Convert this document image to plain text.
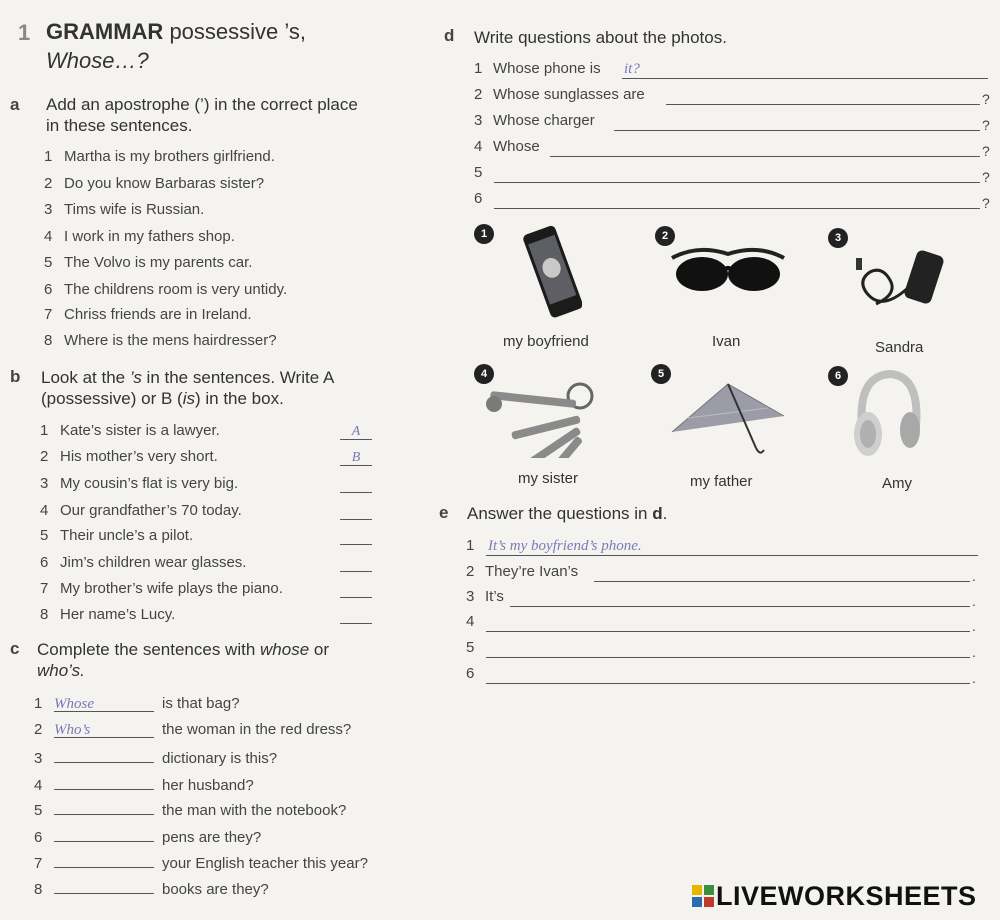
1 GRAMMAR possessive ’s,
Whose…?
a Add an apostrophe (’) in the correct place
in these sentences.
1 Martha is my brothers girlfriend.
2 Do you know Barbaras sister?
3 Tims wife is Russian.
4 I work in my fathers shop.
5 The Volvo is my parents car.
6 The childrens room is very untidy.
7 Chriss friends are in Ireland.
8 Where is the mens hairdresser?
b Look at the ’s in the sentences. Write A
(possessive) or B (is) in the box.
1 Kate’s sister is a lawyer.	A
2 His mother’s very short.	B
3 My cousin’s flat is very big.
4 Our grandfather’s 70 today.
5 Their uncle’s a pilot.
6 Jim’s children wear glasses.
7 My brother’s wife plays the piano.
8 Her name’s Lucy.
c Complete the sentences with whose or
who’s.
1 Whose	is that bag?
2 Who’s	the woman in the red dress?
3	dictionary is this?
4	her husband?
5	the man with the notebook?
6	pens are they?
7	your English teacher this year?
8	books are they?
d Write questions about the photos.
1 Whose phone is it?
2 Whose sunglasses are	?
3 Whose charger	?
4 Whose	?
5	?
6	?
1
my boyfriend
2
Ivan
3
Sandra
4
my sister
5
my father
6
Amy
e Answer the questions in d.
1 It’s my boyfriend’s phone.
2 They’re Ivan’s	.
3 It’s	.
4	.
5	.
6	.
LIVEWORKSHEETS
